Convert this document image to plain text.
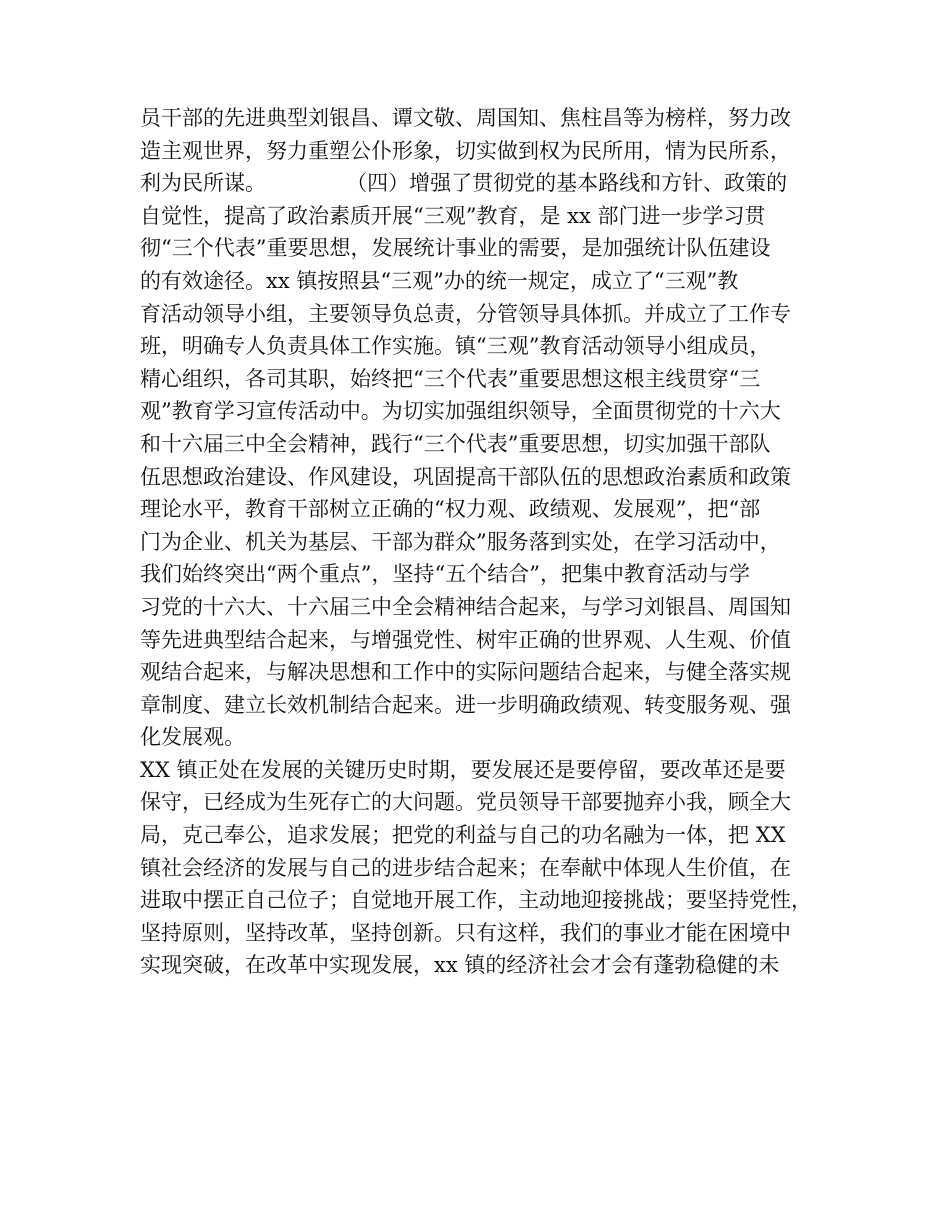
员干部的先进典型刘银昌、谭文敬、周国知、焦柱昌等为榜样，努力改
造主观世界，努力重塑公仆形象，切实做到权为民所用，情为民所系，
利为民所谋。            （四）增强了贯彻党的基本路线和方针、政策的
自觉性，提高了政治素质开展“三观”教育，是 xx 部门进一步学习贯
彻“三个代表”重要思想，发展统计事业的需要，是加强统计队伍建设
的有效途径。xx 镇按照县“三观”办的统一规定，成立了“三观”教
育活动领导小组，主要领导负总责，分管领导具体抓。并成立了工作专
班，明确专人负责具体工作实施。镇“三观”教育活动领导小组成员，
精心组织，各司其职，始终把“三个代表”重要思想这根主线贯穿“三
观”教育学习宣传活动中。为切实加强组织领导，全面贯彻党的十六大
和十六届三中全会精神，践行“三个代表”重要思想，切实加强干部队
伍思想政治建设、作风建设，巩固提高干部队伍的思想政治素质和政策
理论水平，教育干部树立正确的“权力观、政绩观、发展观”，把“部
门为企业、机关为基层、干部为群众”服务落到实处，在学习活动中，
我们始终突出“两个重点”，坚持“五个结合”，把集中教育活动与学
习党的十六大、十六届三中全会精神结合起来，与学习刘银昌、周国知
等先进典型结合起来，与增强党性、树牢正确的世界观、人生观、价值
观结合起来，与解决思想和工作中的实际问题结合起来，与健全落实规
章制度、建立长效机制结合起来。进一步明确政绩观、转变服务观、强
化发展观。
XX 镇正处在发展的关键历史时期，要发展还是要停留，要改革还是要
保守，已经成为生死存亡的大问题。党员领导干部要抛弃小我，顾全大
局，克己奉公，追求发展；把党的利益与自己的功名融为一体，把 XX
镇社会经济的发展与自己的进步结合起来；在奉献中体现人生价值，在
进取中摆正自己位子；自觉地开展工作，主动地迎接挑战；要坚持党性，
坚持原则，坚持改革，坚持创新。只有这样，我们的事业才能在困境中
实现突破，在改革中实现发展，xx 镇的经济社会才会有蓬勃稳健的未
